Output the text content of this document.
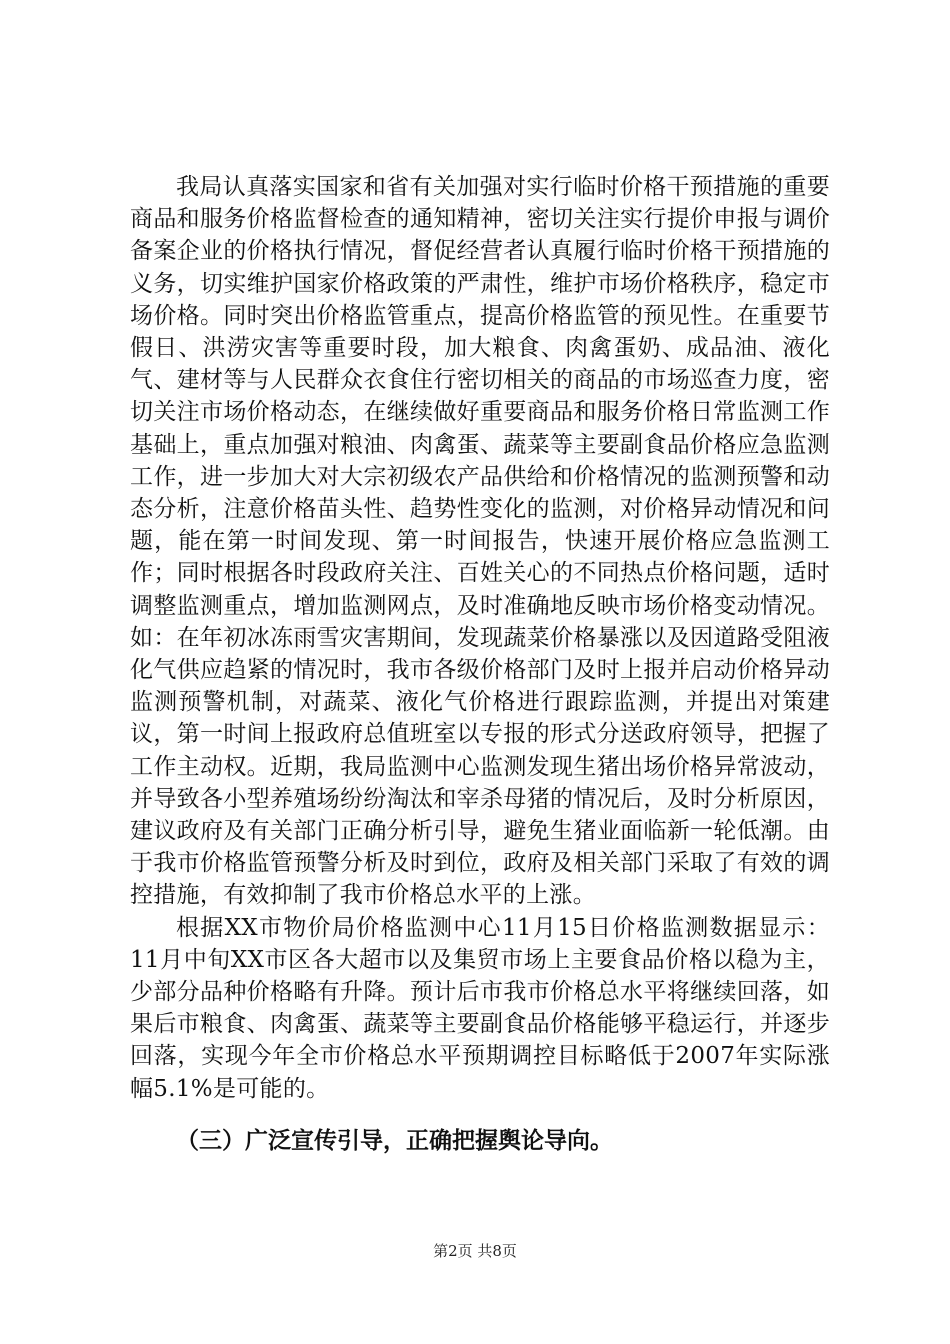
我局认真落实国家和省有关加强对实行临时价格干预措施的重要商品和服务价格监督检查的通知精神，密切关注实行提价申报与调价备案企业的价格执行情况，督促经营者认真履行临时价格干预措施的义务，切实维护国家价格政策的严肃性，维护市场价格秩序，稳定市场价格。同时突出价格监管重点，提高价格监管的预见性。在重要节假日、洪涝灾害等重要时段，加大粮食、肉禽蛋奶、成品油、液化气、建材等与人民群众衣食住行密切相关的商品的市场巡查力度，密切关注市场价格动态，在继续做好重要商品和服务价格日常监测工作基础上，重点加强对粮油、肉禽蛋、蔬菜等主要副食品价格应急监测工作，进一步加大对大宗初级农产品供给和价格情况的监测预警和动态分析，注意价格苗头性、趋势性变化的监测，对价格异动情况和问题，能在第一时间发现、第一时间报告，快速开展价格应急监测工作；同时根据各时段政府关注、百姓关心的不同热点价格问题，适时调整监测重点，增加监测网点，及时准确地反映市场价格变动情况。如：在年初冰冻雨雪灾害期间，发现蔬菜价格暴涨以及因道路受阻液化气供应趋紧的情况时，我市各级价格部门及时上报并启动价格异动监测预警机制，对蔬菜、液化气价格进行跟踪监测，并提出对策建议，第一时间上报政府总值班室以专报的形式分送政府领导，把握了工作主动权。近期，我局监测中心监测发现生猪出场价格异常波动，并导致各小型养殖场纷纷淘汰和宰杀母猪的情况后，及时分析原因，建议政府及有关部门正确分析引导，避免生猪业面临新一轮低潮。由于我市价格监管预警分析及时到位，政府及相关部门采取了有效的调控措施，有效抑制了我市价格总水平的上涨。

根据XX市物价局价格监测中心11月15日价格监测数据显示：11月中旬XX市区各大超市以及集贸市场上主要食品价格以稳为主，少部分品种价格略有升降。预计后市我市价格总水平将继续回落，如果后市粮食、肉禽蛋、蔬菜等主要副食品价格能够平稳运行，并逐步回落，实现今年全市价格总水平预期调控目标略低于2007年实际涨幅5.1%是可能的。

（三）广泛宣传引导，正确把握舆论导向。

第2页 共8页
